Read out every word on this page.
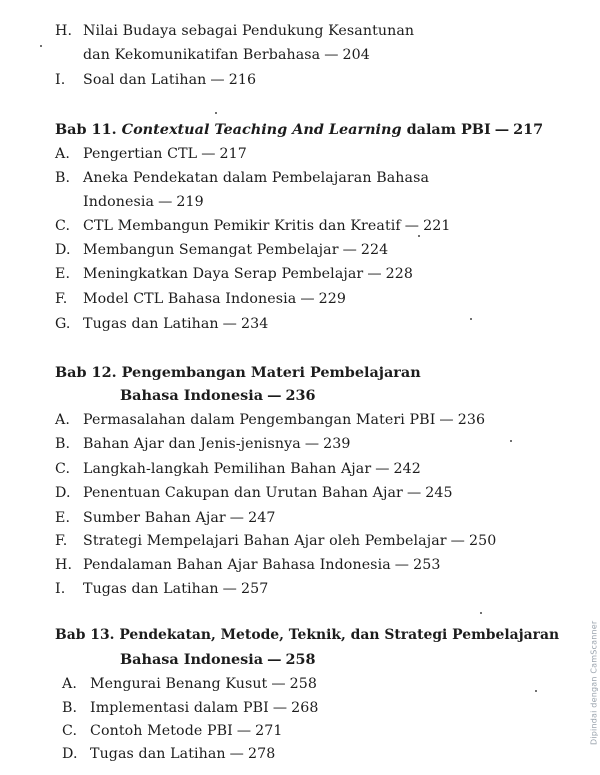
H. Nilai Budaya sebagai Pendukung Kesantunan
dan Kekomunikatifan Berbahasa — 204
I.	Soal dan Latihan — 216
Bab 11. Contextual Teaching And Learning dalam PBI — 217
A. Pengertian CTL — 217
B. Aneka Pendekatan dalam Pembelajaran Bahasa
Indonesia — 219
C. CTL Membangun Pemikir Kritis dan Kreatif — 221
D. Membangun Semangat Pembelajar — 224
E. Meningkatkan Daya Serap Pembelajar — 228
F.	Model CTL Bahasa Indonesia — 229
G. Tugas dan Latihan — 234
Bab 12. Pengembangan Materi Pembelajaran
Bahasa Indonesia — 236
A. Permasalahan dalam Pengembangan Materi PBI — 236
B. Bahan Ajar dan Jenis-jenisnya — 239
C. Langkah-langkah Pemilihan Bahan Ajar — 242
D. Penentuan Cakupan dan Urutan Bahan Ajar — 245
E. Sumber Bahan Ajar — 247
F.	Strategi Mempelajari Bahan Ajar oleh Pembelajar — 250
H. Pendalaman Bahan Ajar Bahasa Indonesia — 253
I.	Tugas dan Latihan — 257
Bab 13. Pendekatan, Metode, Teknik, dan Strategi Pembelajaran
Bahasa Indonesia — 258
A. Mengurai Benang Kusut — 258
B. Implementasi dalam PBI — 268
C. Contoh Metode PBI — 271
D. Tugas dan Latihan — 278
Dipindai dengan CamScanner
